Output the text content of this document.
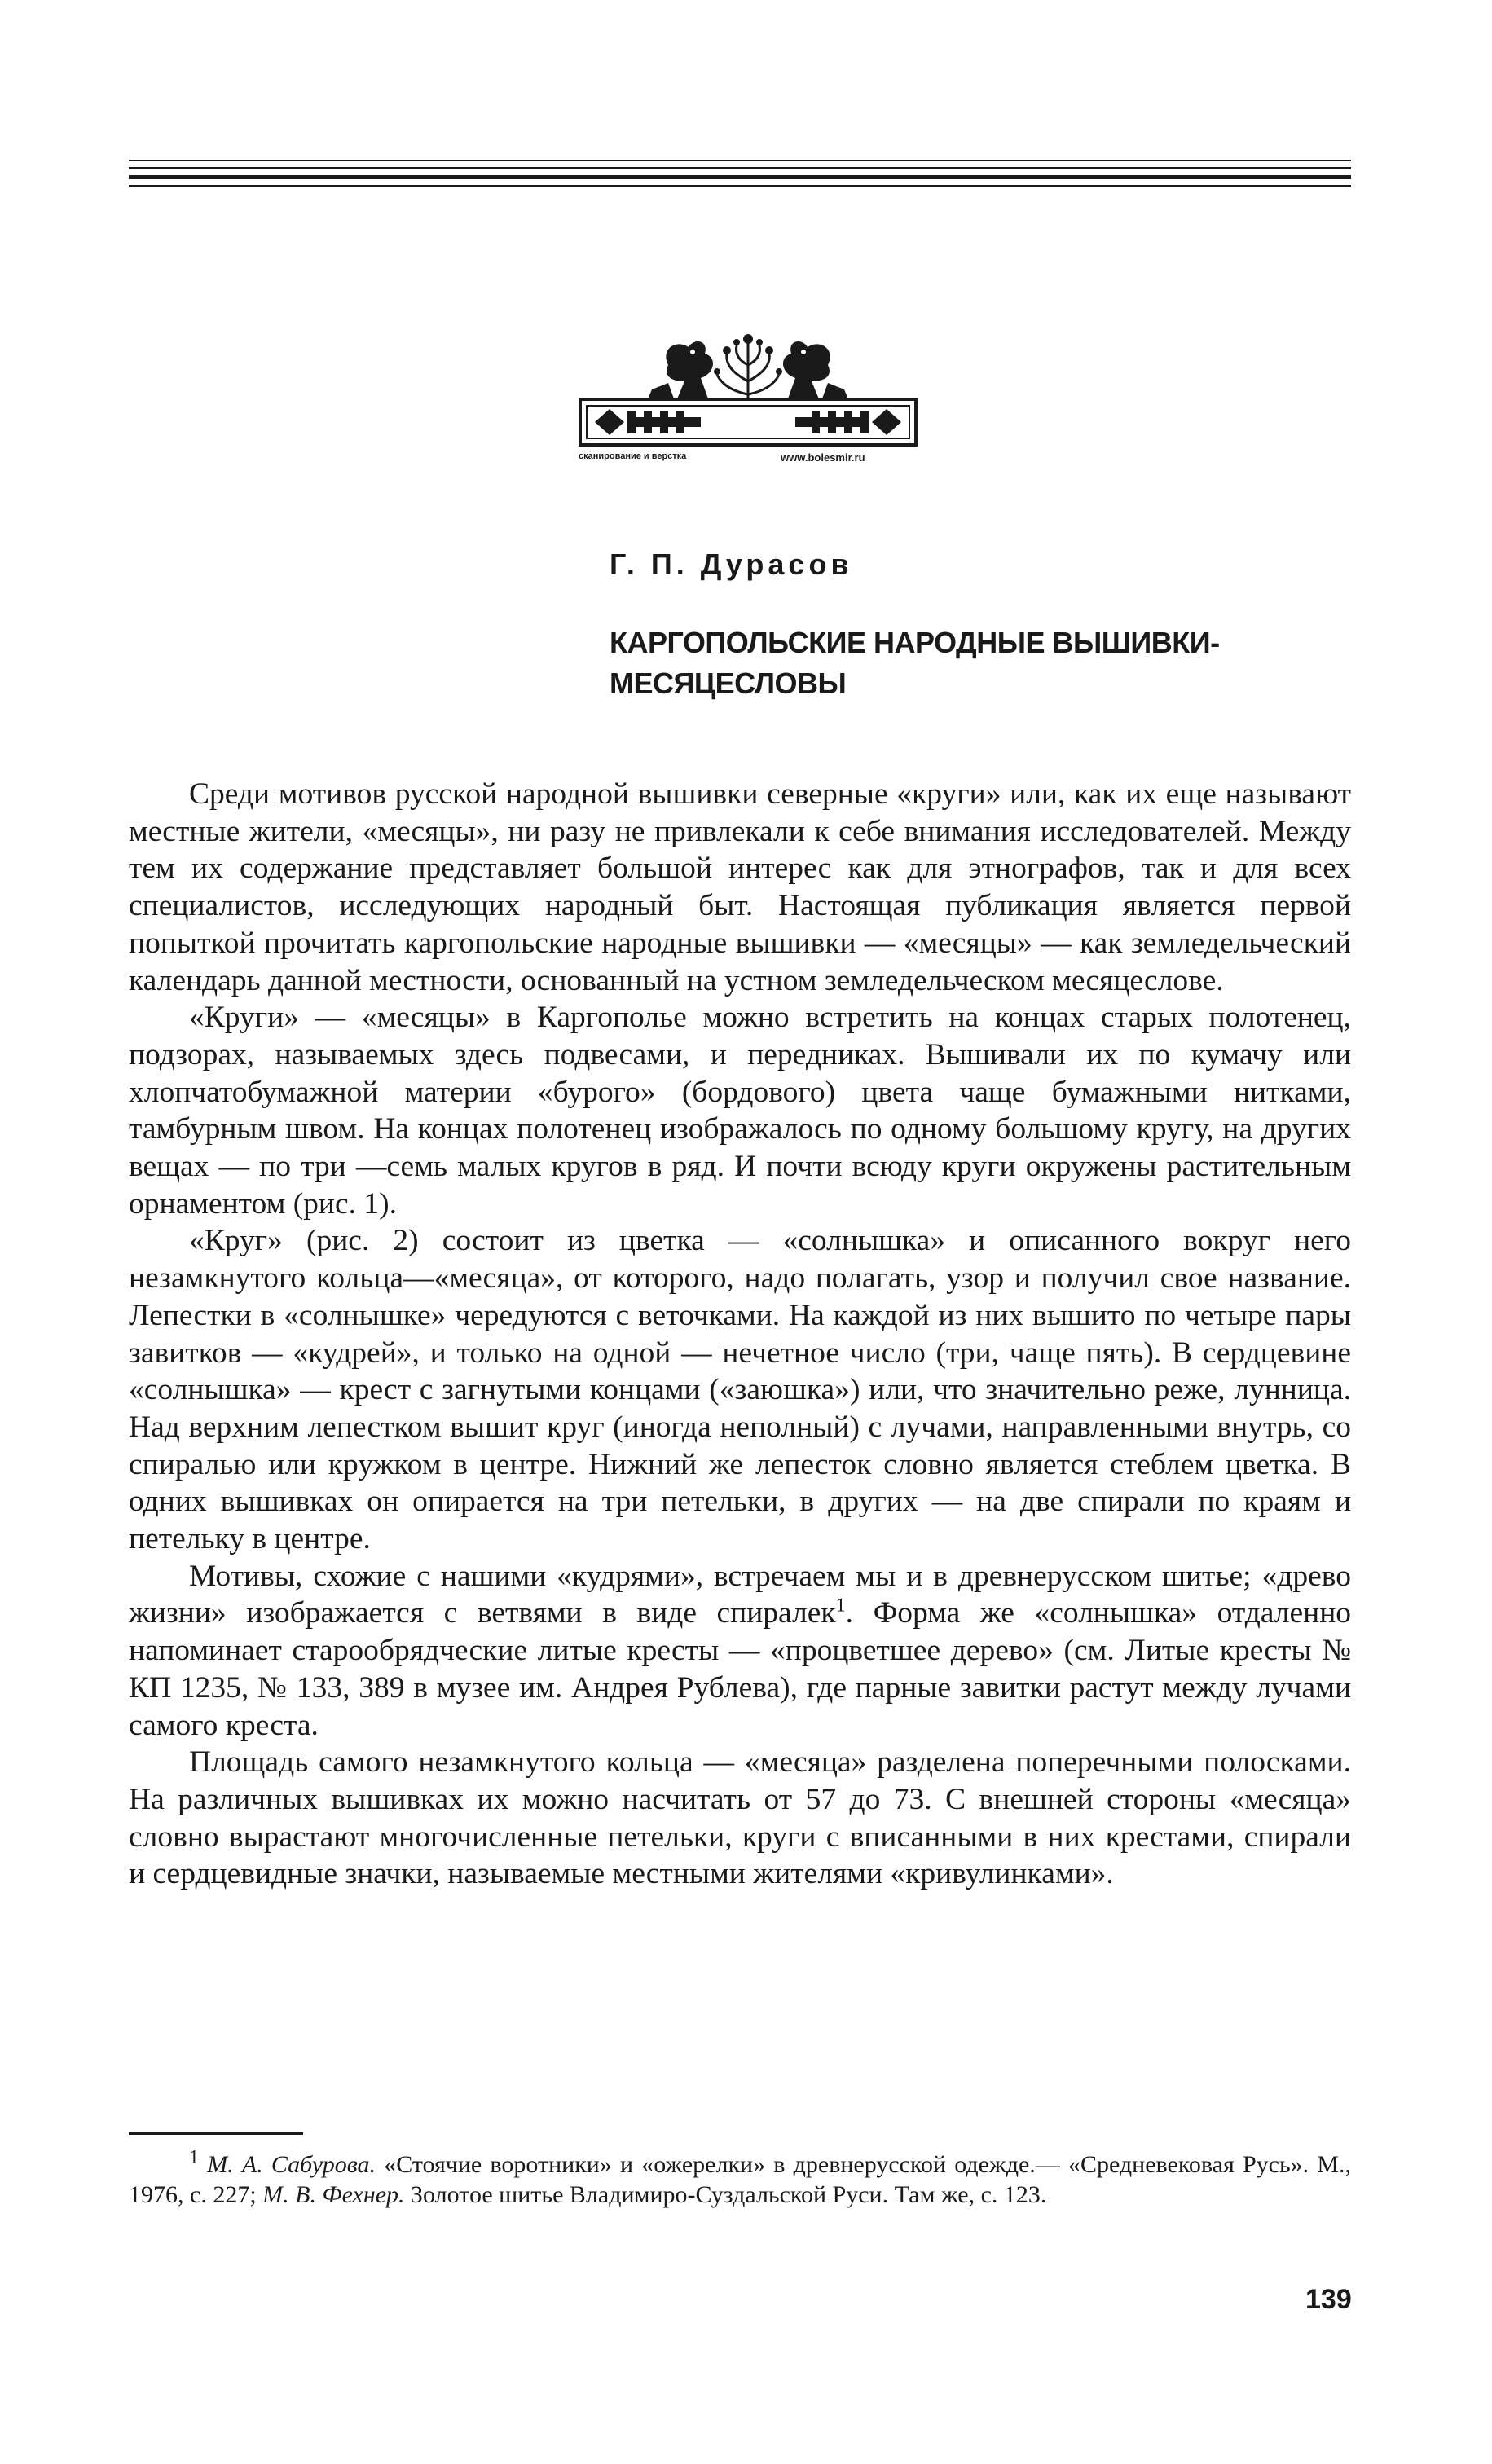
сканирование и верстка	www.bolesmir.ru
Г. П. Дурасов
КАРГОПОЛЬСКИЕ НАРОДНЫЕ ВЫШИВКИ-
МЕСЯЦЕСЛОВЫ

Среди мотивов русской народной вышивки северные «круги» или, как их еще называют местные жители, «месяцы», ни разу не привлекали к себе внимания исследователей. Между тем их содержание представляет большой интерес как для этнографов, так и для всех специалистов, исследующих народный быт. Настоящая публикация является первой попыткой прочитать каргопольские народные вышивки — «месяцы» — как земледельческий календарь данной местности, основанный на устном земледельческом месяцеслове.

«Круги» — «месяцы» в Каргополье можно встретить на концах старых полотенец, подзорах, называемых здесь подвесами, и передниках. Вышивали их по кумачу или хлопчатобумажной материи «бурого» (бордового) цвета чаще бумажными нитками, тамбурным швом. На концах полотенец изображалось по одному большому кругу, на других вещах — по три —семь малых кругов в ряд. И почти всюду круги окружены растительным орнаментом (рис. 1).

«Круг» (рис. 2) состоит из цветка — «солнышка» и описанного вокруг него незамкнутого кольца—«месяца», от которого, надо полагать, узор и получил свое название. Лепестки в «солнышке» чередуются с веточками. На каждой из них вышито по четыре пары завитков — «кудрей», и только на одной — нечетное число (три, чаще пять). В сердцевине «солнышка» — крест с загнутыми концами («заюшка») или, что значительно реже, лунница. Над верхним лепестком вышит круг (иногда неполный) с лучами, направленными внутрь, со спиралью или кружком в центре. Нижний же лепесток словно является стеблем цветка. В одних вышивках он опирается на три петельки, в других — на две спирали по краям и петельку в центре.

Мотивы, схожие с нашими «кудрями», встречаем мы и в древнерусском шитье; «древо жизни» изображается с ветвями в виде спиралек$^1$. Форма же «солнышка» отдаленно напоминает старообрядческие литые кресты — «процветшее дерево» (см. Литые кресты № КП 1235, № 133, 389 в музее им. Андрея Рублева), где парные завитки растут между лучами самого креста.

Площадь самого незамкнутого кольца — «месяца» разделена поперечными полосками. На различных вышивках их можно насчитать от 57 до 73. С внешней стороны «месяца» словно вырастают многочисленные петельки, круги с вписанными в них крестами, спирали и сердцевидные значки, называемые местными жителями «кривулинками».

$^1$ М. А. Сабурова. «Стоячие воротники» и «ожерелки» в древнерусской одежде.— «Средневековая Русь». М., 1976, с. 227; М. В. Фехнер. Золотое шитье Владимиро-Суздальской Руси. Там же, с. 123.

139
